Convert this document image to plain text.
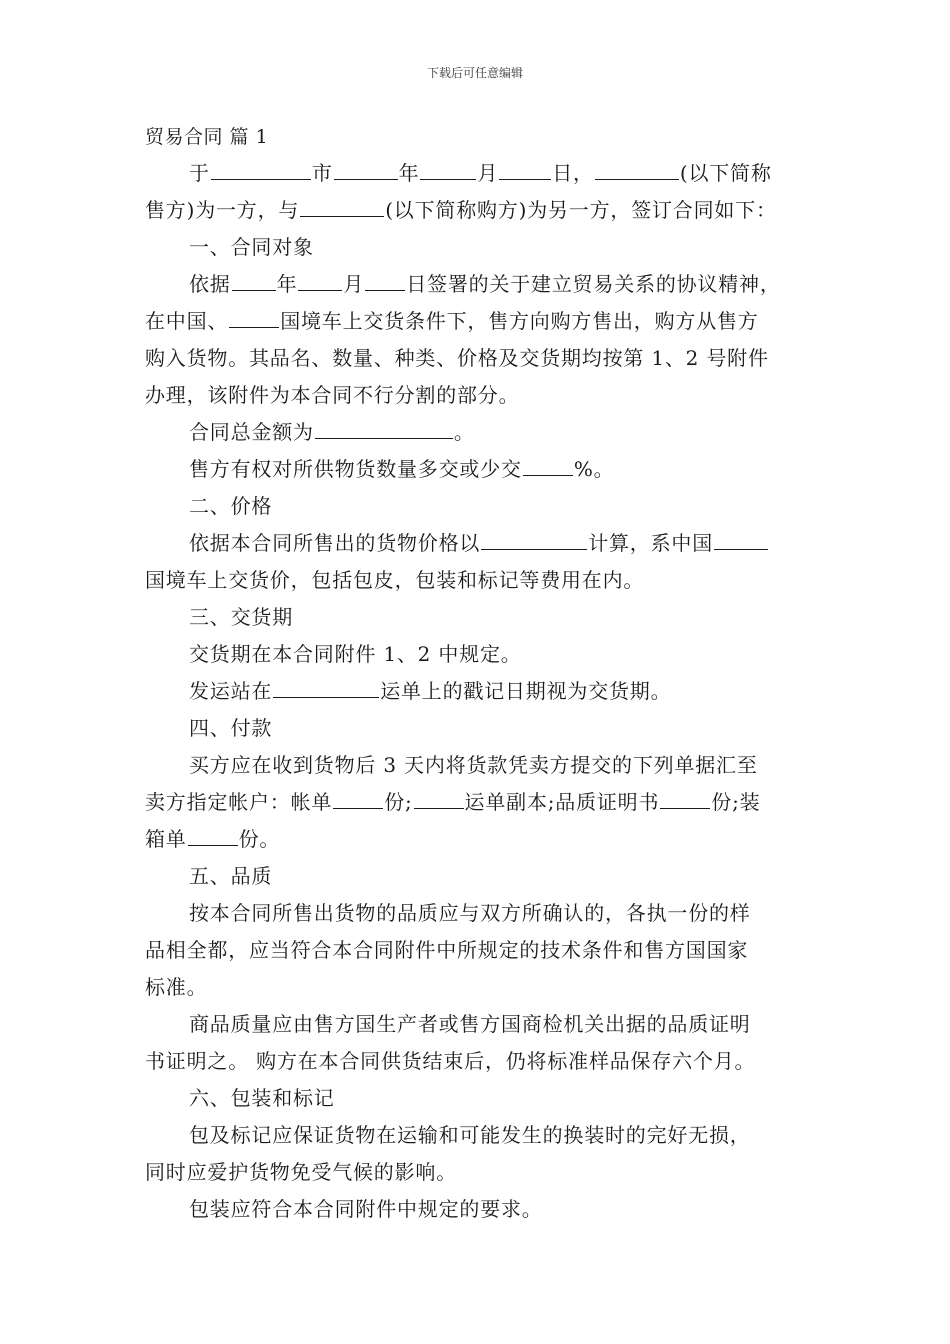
下载后可任意编辑
贸易合同 篇 1
于	市	年	月	日，	(以下简称
售方)为一方，与	(以下简称购方)为另一方，签订合同如下：
一、合同对象
依据 年 月 日签署的关于建立贸易关系的协议精神，
在中国、	国境车上交货条件下，售方向购方售出，购方从售方
购入货物。其品名、数量、种类、价格及交货期均按第 1、2 号附件
办理，该附件为本合同不行分割的部分。
合同总金额为	。
售方有权对所供物货数量多交或少交	%。
二、价格
依据本合同所售出的货物价格以	计算，系中国
国境车上交货价，包括包皮，包装和标记等费用在内。
三、交货期
交货期在本合同附件 1、2 中规定。
发运站在	运单上的戳记日期视为交货期。
四、付款
买方应在收到货物后 3 天内将货款凭卖方提交的下列单据汇至
卖方指定帐户：帐单	份;	运单副本;品质证明书	份;装
箱单	份。
五、品质
按本合同所售出货物的品质应与双方所确认的，各执一份的样
品相全都，应当符合本合同附件中所规定的技术条件和售方国国家
标准。
商品质量应由售方国生产者或售方国商检机关出据的品质证明
书证明之。 购方在本合同供货结束后，仍将标准样品保存六个月。
六、包装和标记
包及标记应保证货物在运输和可能发生的换装时的完好无损，
同时应爱护货物免受气候的影响。
包装应符合本合同附件中规定的要求。
